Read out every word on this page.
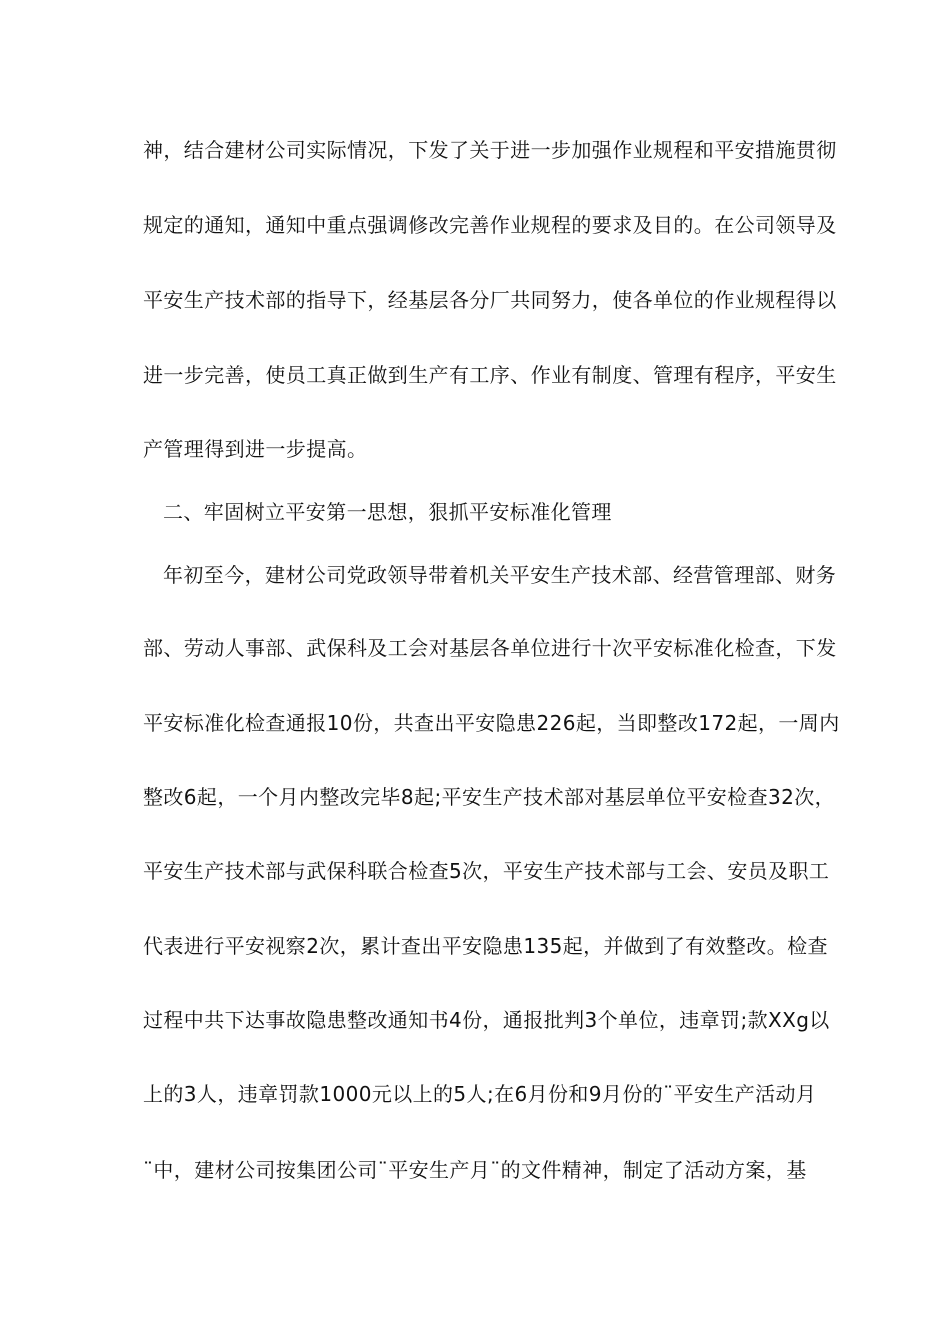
神，结合建材公司实际情况，下发了关于进一步加强作业规程和平安措施贯彻
规定的通知，通知中重点强调修改完善作业规程的要求及目的。在公司领导及
平安生产技术部的指导下，经基层各分厂共同努力，使各单位的作业规程得以
进一步完善，使员工真正做到生产有工序、作业有制度、管理有程序，平安生
产管理得到进一步提高。
二、牢固树立平安第一思想，狠抓平安标准化管理
年初至今，建材公司党政领导带着机关平安生产技术部、经营管理部、财务
部、劳动人事部、武保科及工会对基层各单位进行十次平安标准化检查，下发
平安标准化检查通报10份，共查出平安隐患226起，当即整改172起，一周内
整改6起，一个月内整改完毕8起;平安生产技术部对基层单位平安检查32次，
平安生产技术部与武保科联合检查5次，平安生产技术部与工会、安员及职工
代表进行平安视察2次，累计查出平安隐患135起，并做到了有效整改。检查
过程中共下达事故隐患整改通知书4份，通报批判3个单位，违章罚;款XXg以
上的3人，违章罚款1000元以上的5人;在6月份和9月份的¨平安生产活动月
¨中，建材公司按集团公司¨平安生产月¨的文件精神，制定了活动方案，基
